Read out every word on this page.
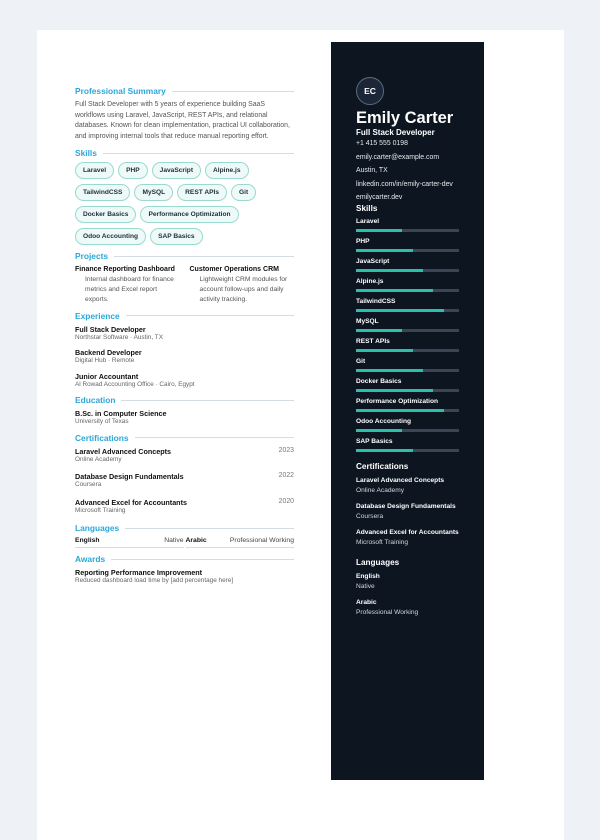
Professional Summary
Full Stack Developer with 5 years of experience building SaaS workflows using Laravel, JavaScript, REST APIs, and relational databases. Known for clean implementation, practical UI collaboration, and improving internal tools that reduce manual reporting effort.
Skills
Laravel	PHP	JavaScript	Alpine.js
TailwindCSS	MySQL	REST APIs	Git
Docker Basics	Performance Optimization
Odoo Accounting	SAP Basics
Projects
Finance Reporting Dashboard
Internal dashboard for finance metrics and Excel report exports.
Customer Operations CRM
Lightweight CRM modules for account follow-ups and daily activity tracking.
Experience
Full Stack Developer
Northstar Software · Austin, TX
Backend Developer
Digital Hub · Remote
Junior Accountant
Al Rowad Accounting Office · Cairo, Egypt
Education
B.Sc. in Computer Science
University of Texas
Certifications
Laravel Advanced Concepts
Online Academy
2023
Database Design Fundamentals
Coursera
2022
Advanced Excel for Accountants
Microsoft Training
2020
Languages
English	Native Arabic	Professional Working
Awards
Reporting Performance Improvement
Reduced dashboard load time by [add percentage here]
EC
Emily Carter
Full Stack Developer
+1 415 555 0198
emily.carter@example.com
Austin, TX
linkedin.com/in/emily-carter-dev
emilycarter.dev
Skills
Laravel
PHP
JavaScript
Alpine.js
TailwindCSS
MySQL
REST APIs
Git
Docker Basics
Performance Optimization
Odoo Accounting
SAP Basics
Certifications
Laravel Advanced Concepts
Online Academy
Database Design Fundamentals
Coursera
Advanced Excel for Accountants
Microsoft Training
Languages
English
Native
Arabic
Professional Working
